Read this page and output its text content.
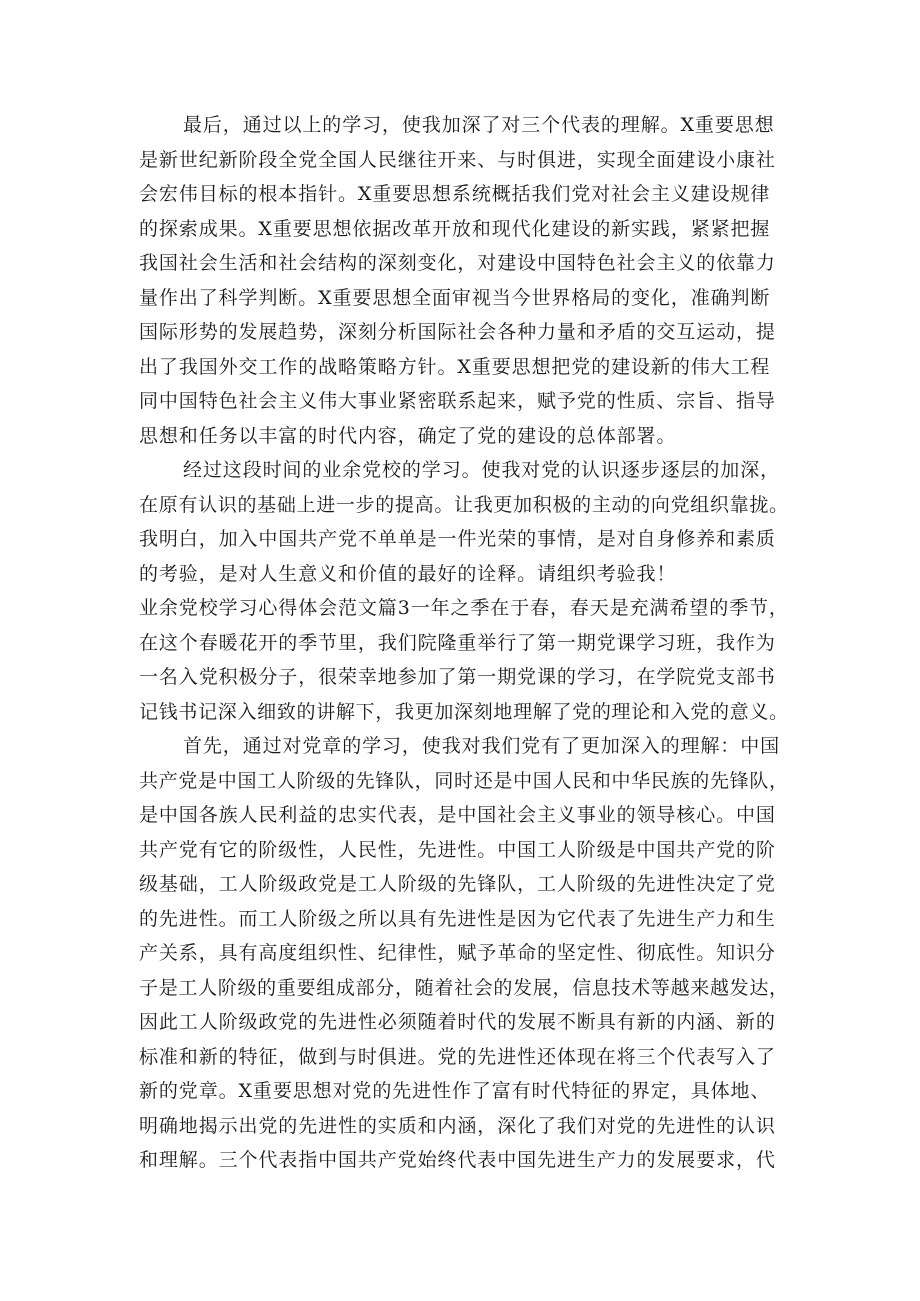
最后，通过以上的学习，使我加深了对三个代表的理解。X重要思想
是新世纪新阶段全党全国人民继往开来、与时俱进，实现全面建设小康社
会宏伟目标的根本指针。X重要思想系统概括我们党对社会主义建设规律
的探索成果。X重要思想依据改革开放和现代化建设的新实践，紧紧把握
我国社会生活和社会结构的深刻变化，对建设中国特色社会主义的依靠力
量作出了科学判断。X重要思想全面审视当今世界格局的变化，准确判断
国际形势的发展趋势，深刻分析国际社会各种力量和矛盾的交互运动，提
出了我国外交工作的战略策略方针。X重要思想把党的建设新的伟大工程
同中国特色社会主义伟大事业紧密联系起来，赋予党的性质、宗旨、指导
思想和任务以丰富的时代内容，确定了党的建设的总体部署。
经过这段时间的业余党校的学习。使我对党的认识逐步逐层的加深，
在原有认识的基础上进一步的提高。让我更加积极的主动的向党组织靠拢。
我明白，加入中国共产党不单单是一件光荣的事情，是对自身修养和素质
的考验，是对人生意义和价值的最好的诠释。请组织考验我！
业余党校学习心得体会范文篇3一年之季在于春，春天是充满希望的季节，
在这个春暖花开的季节里，我们院隆重举行了第一期党课学习班，我作为
一名入党积极分子，很荣幸地参加了第一期党课的学习，在学院党支部书
记钱书记深入细致的讲解下，我更加深刻地理解了党的理论和入党的意义。
首先，通过对党章的学习，使我对我们党有了更加深入的理解：中国
共产党是中国工人阶级的先锋队，同时还是中国人民和中华民族的先锋队，
是中国各族人民利益的忠实代表，是中国社会主义事业的领导核心。中国
共产党有它的阶级性，人民性，先进性。中国工人阶级是中国共产党的阶
级基础，工人阶级政党是工人阶级的先锋队，工人阶级的先进性决定了党
的先进性。而工人阶级之所以具有先进性是因为它代表了先进生产力和生
产关系，具有高度组织性、纪律性，赋予革命的坚定性、彻底性。知识分
子是工人阶级的重要组成部分，随着社会的发展，信息技术等越来越发达，
因此工人阶级政党的先进性必须随着时代的发展不断具有新的内涵、新的
标准和新的特征，做到与时俱进。党的先进性还体现在将三个代表写入了
新的党章。X重要思想对党的先进性作了富有时代特征的界定，具体地、
明确地揭示出党的先进性的实质和内涵，深化了我们对党的先进性的认识
和理解。三个代表指中国共产党始终代表中国先进生产力的发展要求，代
